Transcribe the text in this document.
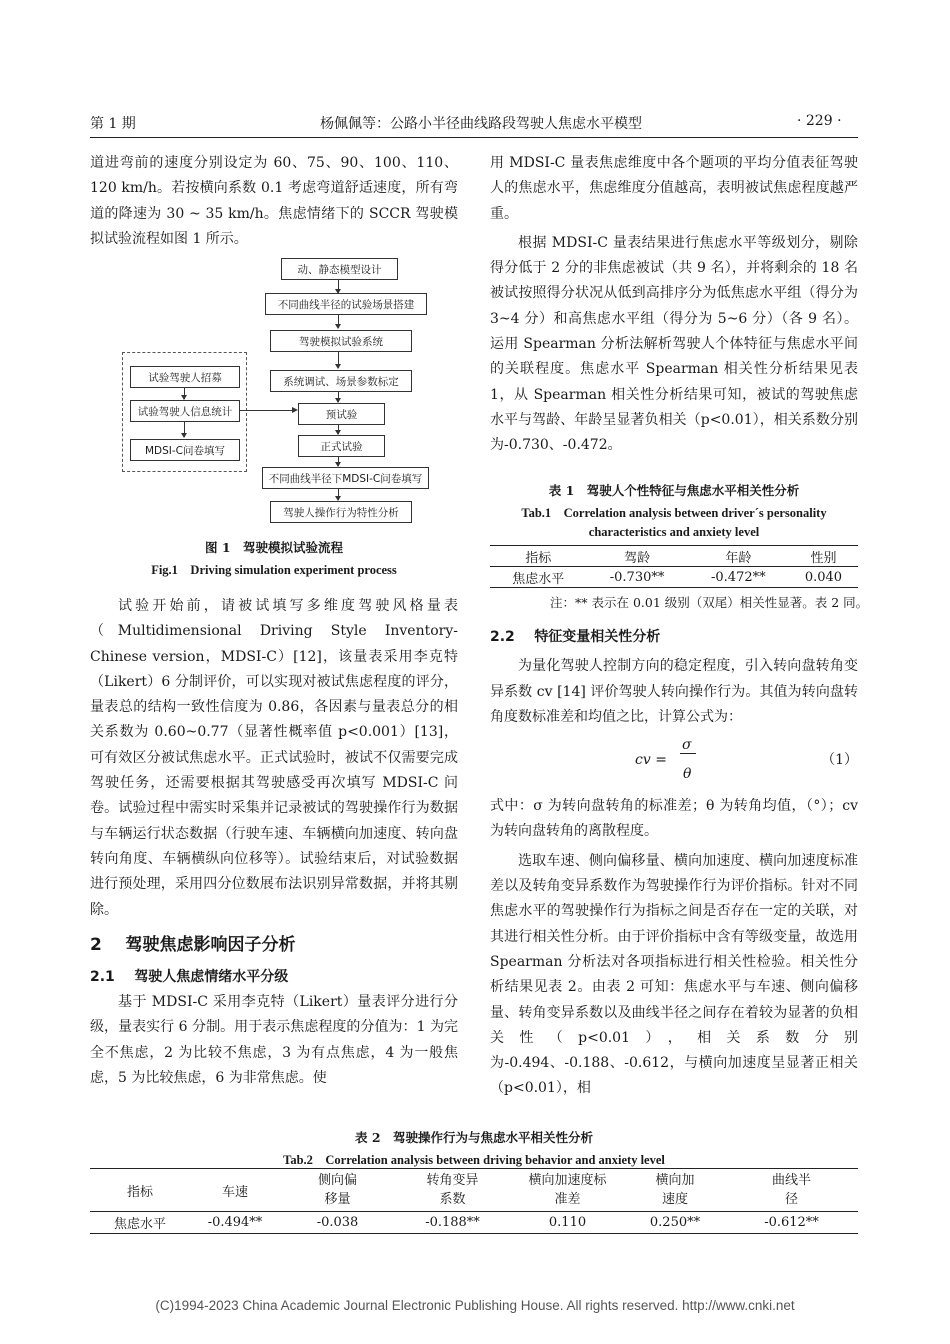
第 1 期	杨佩佩等：公路小半径曲线路段驾驶人焦虑水平模型	· 229 ·

道进弯前的速度分别设定为 60、75、90、100、110、120 km/h。若按横向系数 0.1 考虑弯道舒适速度，所有弯道的降速为 30 ~ 35 km/h。焦虑情绪下的 SCCR 驾驶模拟试验流程如图 1 所示。

动、静态模型设计
不同曲线半径的试验场景搭建
驾驶模拟试验系统
系统调试、场景参数标定
预试验
正式试验
不同曲线半径下MDSI-C问卷填写
驾驶人操作行为特性分析
试验驾驶人招募
试验驾驶人信息统计
MDSI-C问卷填写
图 1　驾驶模拟试验流程
Fig.1　Driving simulation experiment process

试验开始前，请被试填写多维度驾驶风格量表（Multidimensional Driving Style Inventory-Chinese version，MDSI-C）[12]，该量表采用李克特（Likert）6 分制评价，可以实现对被试焦虑程度的评分，量表总的结构一致性信度为 0.86，各因素与量表总分的相关系数为 0.60~0.77（显著性概率值 p<0.001）[13]，可有效区分被试焦虑水平。正式试验时，被试不仅需要完成驾驶任务，还需要根据其驾驶感受再次填写 MDSI-C 问卷。试验过程中需实时采集并记录被试的驾驶操作行为数据与车辆运行状态数据（行驶车速、车辆横向加速度、转向盘转向角度、车辆横纵向位移等）。试验结束后，对试验数据进行预处理，采用四分位数展布法识别异常数据，并将其剔除。

2 驾驶焦虑影响因子分析
2.1 驾驶人焦虑情绪水平分级

基于 MDSI-C 采用李克特（Likert）量表评分进行分级，量表实行 6 分制。用于表示焦虑程度的分值为：1 为完全不焦虑，2 为比较不焦虑，3 为有点焦虑，4 为一般焦虑，5 为比较焦虑，6 为非常焦虑。使

用 MDSI-C 量表焦虑维度中各个题项的平均分值表征驾驶人的焦虑水平，焦虑维度分值越高，表明被试焦虑程度越严重。

根据 MDSI-C 量表结果进行焦虑水平等级划分，剔除得分低于 2 分的非焦虑被试（共 9 名），并将剩余的 18 名被试按照得分状况从低到高排序分为低焦虑水平组（得分为 3~4 分）和高焦虑水平组（得分为 5~6 分）（各 9 名）。运用 Spearman 分析法解析驾驶人个体特征与焦虑水平间的关联程度。焦虑水平 Spearman 相关性分析结果见表 1，从 Spearman 相关性分析结果可知，被试的驾驶焦虑水平与驾龄、年龄呈显著负相关（p<0.01），相关系数分别为-0.730、-0.472。

表 1　驾驶人个性特征与焦虑水平相关性分析
Tab.1　Correlation analysis between driver´s personality
characteristics and anxiety level
指标	驾龄	年龄	性别
焦虑水平	-0.730**	-0.472**	0.040
注：** 表示在 0.01 级别（双尾）相关性显著。表 2 同。
2.2 特征变量相关性分析

为量化驾驶人控制方向的稳定程度，引入转向盘转角变异系数 cv [14] 评价驾驶人转向操作行为。其值为转向盘转角度数标准差和均值之比，计算公式为：

cv =
σ
θ
（1）

式中：σ 为转向盘转角的标准差；θ 为转角均值，（°）；cv 为转向盘转角的离散程度。

选取车速、侧向偏移量、横向加速度、横向加速度标准差以及转角变异系数作为驾驶操作行为评价指标。针对不同焦虑水平的驾驶操作行为指标之间是否存在一定的关联，对其进行相关性分析。由于评价指标中含有等级变量，故选用 Spearman 分析法对各项指标进行相关性检验。相关性分析结果见表 2。由表 2 可知：焦虑水平与车速、侧向偏移量、转角变异系数以及曲线半径之间存在着较为显著的负相关性（p<0.01），相关系数分别为-0.494、-0.188、-0.612，与横向加速度呈显著正相关（p<0.01），相

表 2　驾驶操作行为与焦虑水平相关性分析
Tab.2　Correlation analysis between driving behavior and anxiety level
指标	车速	侧向偏移量	转角变异系数	横向加速度标准差	横向加速度	曲线半径
焦虑水平	-0.494**	-0.038	-0.188**	0.110	0.250**	-0.612**
(C)1994-2023 China Academic Journal Electronic Publishing House. All rights reserved. http://www.cnki.net
